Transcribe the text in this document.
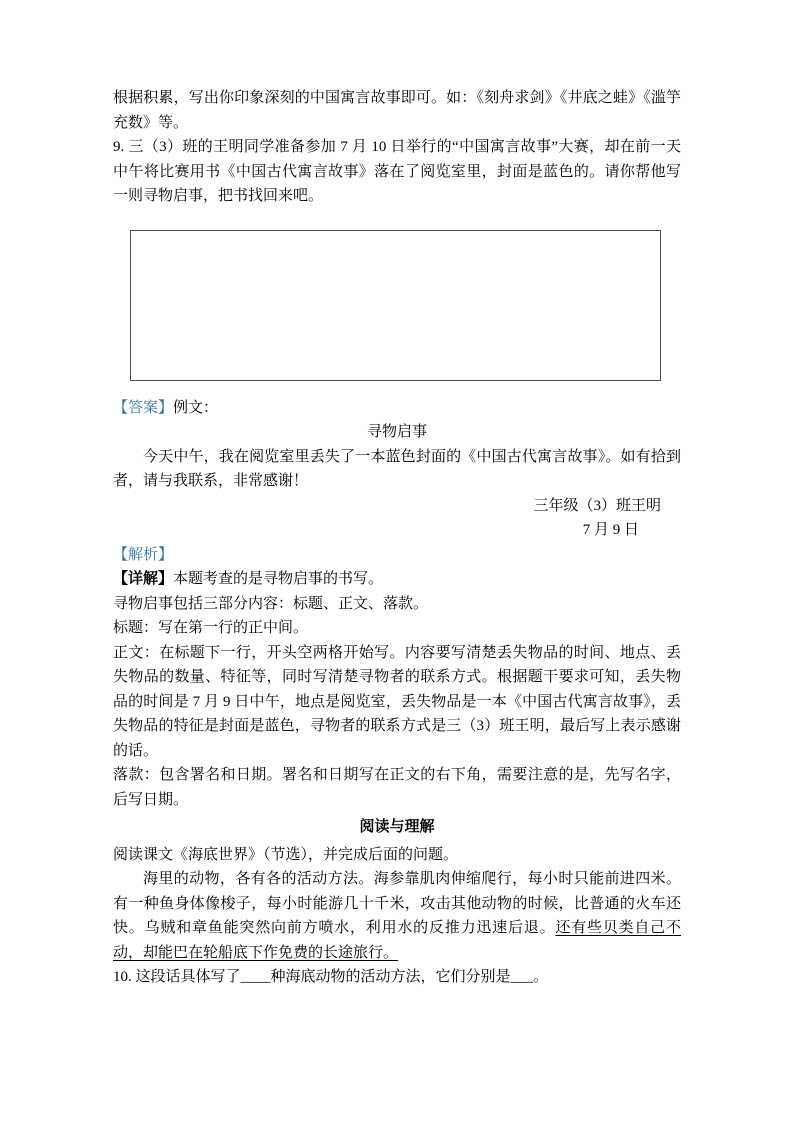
根据积累，写出你印象深刻的中国寓言故事即可。如：《刻舟求剑》《井底之蛙》《滥竽充数》等。

9. 三（3）班的王明同学准备参加 7 月 10 日举行的“中国寓言故事”大赛，却在前一天中午将比赛用书《中国古代寓言故事》落在了阅览室里，封面是蓝色的。请你帮他写一则寻物启事，把书找回来吧。

【答案】例文：

寻物启事

今天中午，我在阅览室里丢失了一本蓝色封面的《中国古代寓言故事》。如有拾到者，请与我联系，非常感谢！

三年级（3）班王明

7 月 9 日

【解析】

【详解】本题考查的是寻物启事的书写。

寻物启事包括三部分内容：标题、正文、落款。

标题：写在第一行的正中间。

正文：在标题下一行，开头空两格开始写。内容要写清楚丢失物品的时间、地点、丢失物品的数量、特征等，同时写清楚寻物者的联系方式。根据题干要求可知，丢失物品的时间是 7 月 9 日中午，地点是阅览室，丢失物品是一本《中国古代寓言故事》，丢失物品的特征是封面是蓝色，寻物者的联系方式是三（3）班王明，最后写上表示感谢的话。

落款：包含署名和日期。署名和日期写在正文的右下角，需要注意的是，先写名字，后写日期。

阅读与理解

阅读课文《海底世界》（节选），并完成后面的问题。

海里的动物，各有各的活动方法。海参靠肌肉伸缩爬行，每小时只能前进四米。有一种鱼身体像梭子，每小时能游几十千米，攻击其他动物的时候，比普通的火车还快。乌贼和章鱼能突然向前方喷水，利用水的反推力迅速后退。还有些贝类自己不动，却能巴在轮船底下作免费的长途旅行。

10. 这段话具体写了____种海底动物的活动方法，它们分别是___。
